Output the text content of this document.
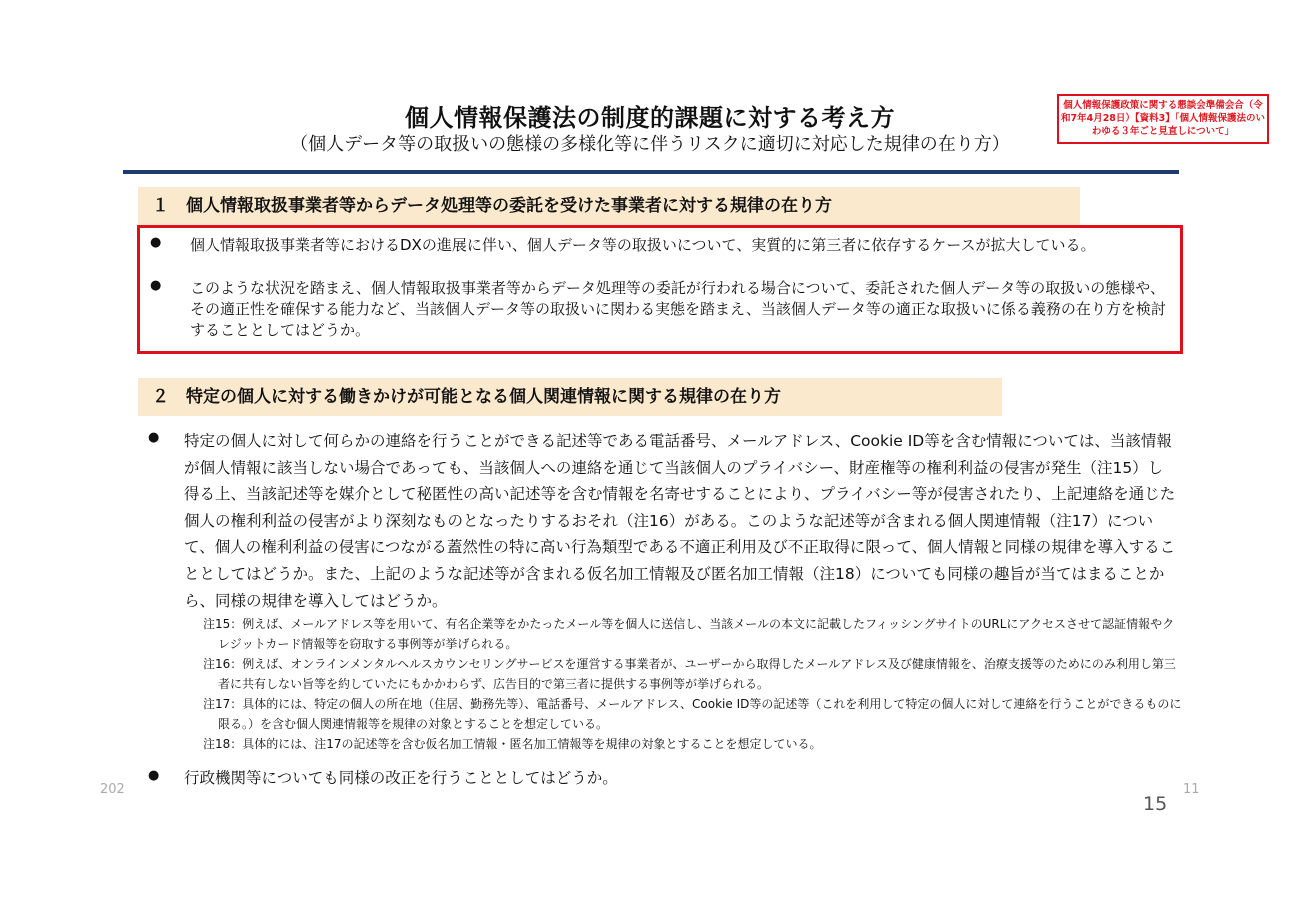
個人情報保護法の制度的課題に対する考え方
（個人データ等の取扱いの態様の多様化等に伴うリスクに適切に対応した規律の在り方）
個人情報保護政策に関する懇談会準備会合（令和7年4月28日）【資料3】「個人情報保護法のいわゆる３年ごと見直しについて」
１　個人情報取扱事業者等からデータ処理等の委託を受けた事業者に対する規律の在り方
● 個人情報取扱事業者等におけるDXの進展に伴い、個人データ等の取扱いについて、実質的に第三者に依存するケースが拡大している。
● このような状況を踏まえ、個人情報取扱事業者等からデータ処理等の委託が行われる場合について、委託された個人データ等の取扱いの態様や、その適正性を確保する能力など、当該個人データ等の取扱いに関わる実態を踏まえ、当該個人データ等の適正な取扱いに係る義務の在り方を検討することとしてはどうか。
２　特定の個人に対する働きかけが可能となる個人関連情報に関する規律の在り方
● 特定の個人に対して何らかの連絡を行うことができる記述等である電話番号、メールアドレス、Cookie ID等を含む情報については、当該情報が個人情報に該当しない場合であっても、当該個人への連絡を通じて当該個人のプライバシー、財産権等の権利利益の侵害が発生（注15）し得る上、当該記述等を媒介として秘匿性の高い記述等を含む情報を名寄せすることにより、プライバシー等が侵害されたり、上記連絡を通じた個人の権利利益の侵害がより深刻なものとなったりするおそれ（注16）がある。このような記述等が含まれる個人関連情報（注17）について、個人の権利利益の侵害につながる蓋然性の特に高い行為類型である不適正利用及び不正取得に限って、個人情報と同様の規律を導入することとしてはどうか。また、上記のような記述等が含まれる仮名加工情報及び匿名加工情報（注18）についても同様の趣旨が当てはまることから、同様の規律を導入してはどうか。

注15：例えば、メールアドレス等を用いて、有名企業等をかたったメール等を個人に送信し、当該メールの本文に記載したフィッシングサイトのURLにアクセスさせて認証情報やクレジットカード情報等を窃取する事例等が挙げられる。

注16：例えば、オンラインメンタルヘルスカウンセリングサービスを運営する事業者が、ユーザーから取得したメールアドレス及び健康情報を、治療支援等のためにのみ利用し第三者に共有しない旨等を約していたにもかかわらず、広告目的で第三者に提供する事例等が挙げられる。

注17：具体的には、特定の個人の所在地（住居、勤務先等）、電話番号、メールアドレス、Cookie ID等の記述等（これを利用して特定の個人に対して連絡を行うことができるものに限る。）を含む個人関連情報等を規律の対象とすることを想定している。

注18：具体的には、注17の記述等を含む仮名加工情報・匿名加工情報等を規律の対象とすることを想定している。

● 行政機関等についても同様の改正を行うこととしてはどうか。
202	11
15
